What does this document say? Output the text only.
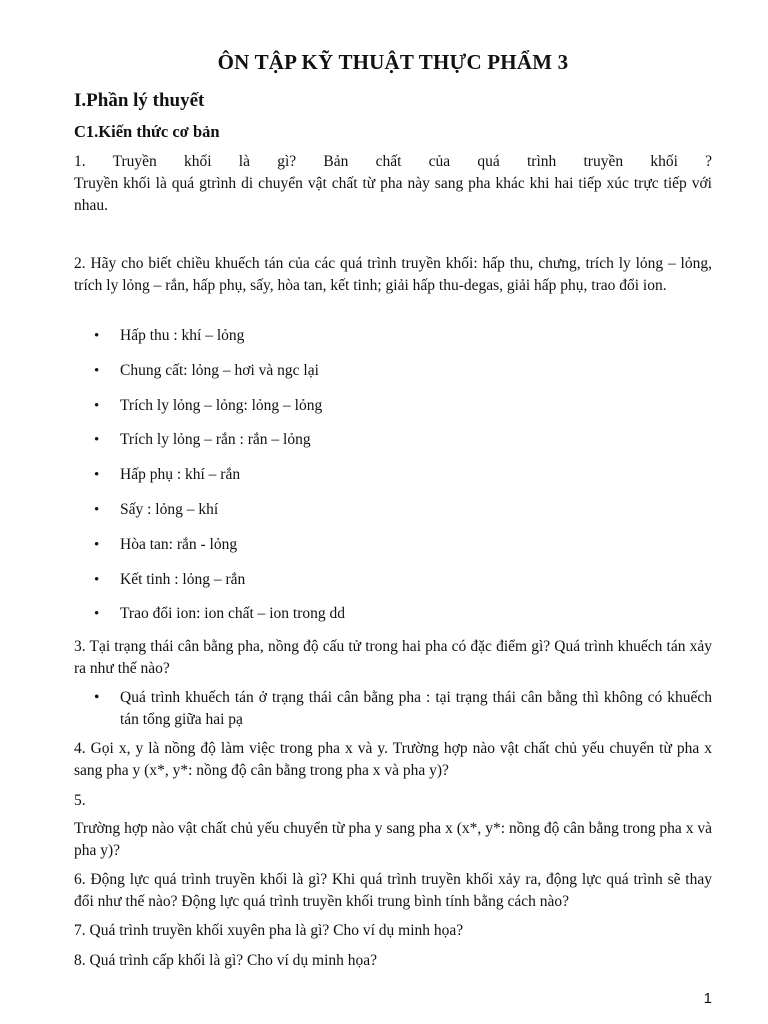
ÔN TẬP KỸ THUẬT THỰC PHẨM 3
I.Phần lý thuyết
C1.Kiến thức cơ bản
1. Truyền khối là gì? Bản chất của quá trình truyền khối ?
Truyền khối là quá gtrình di chuyển vật chất từ pha này sang pha khác khi hai tiếp xúc trực tiếp với nhau.
2. Hãy cho biết chiều khuếch tán của các quá trình truyền khối: hấp thu, chưng, trích ly lỏng – lỏng, trích ly lỏng – rắn, hấp phụ, sấy, hòa tan, kết tinh; giải hấp thu-degas, giải hấp phụ, trao đổi ion.
• Hấp thu : khí – lỏng
• Chung cất: lỏng – hơi và ngc lại
• Trích ly lỏng – lỏng: lỏng – lỏng
• Trích ly lỏng – rắn : rắn – lỏng
• Hấp phụ : khí – rắn
• Sấy : lỏng – khí
• Hòa tan: rắn - lỏng
• Kết tinh : lỏng – rắn
• Trao đổi ion: ion chất – ion trong dd
3. Tại trạng thái cân bằng pha, nồng độ cấu tử trong hai pha có đặc điểm gì? Quá trình khuếch tán xảy ra như thế nào?
• Quá trình khuếch tán ở trạng thái cân bằng pha : tại trạng thái cân bằng thì không có khuếch tán tổng giữa hai pạ
4. Gọi x, y là nồng độ làm việc trong pha x và y. Trường hợp nào vật chất chủ yếu chuyển từ pha x sang pha y (x*, y*: nồng độ cân bằng trong pha x và pha y)?
5.
Trường hợp nào vật chất chủ yếu chuyển từ pha y sang pha x (x*, y*: nồng độ cân bằng trong pha x và pha y)?
6. Động lực quá trình truyền khối là gì? Khi quá trình truyền khối xảy ra, động lực quá trình sẽ thay đổi như thế nào? Động lực quá trình truyền khối trung bình tính bằng cách nào?
7. Quá trình truyền khối xuyên pha là gì? Cho ví dụ minh họa?
8. Quá trình cấp khối là gì? Cho ví dụ minh họa?
1
